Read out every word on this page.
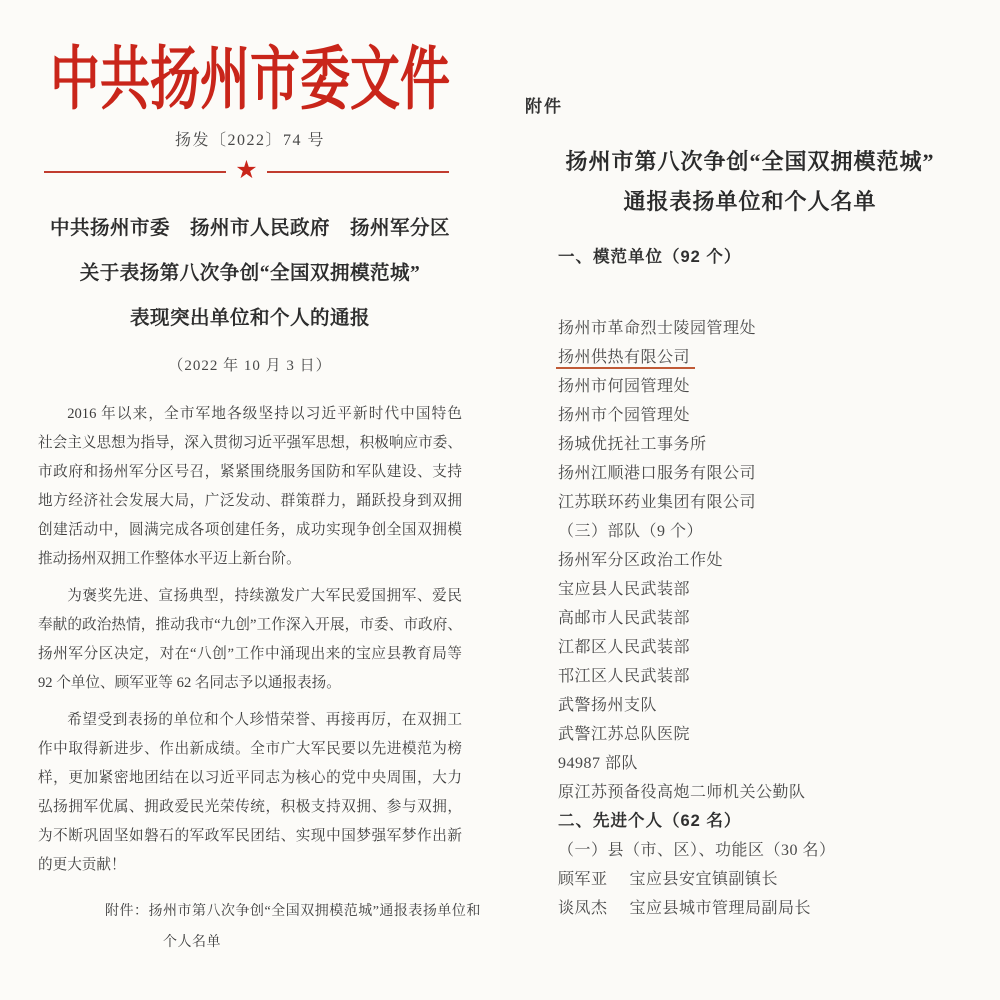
中共扬州市委文件
扬发〔2022〕74 号
★
中共扬州市委　扬州市人民政府　扬州军分区
关于表扬第八次争创“全国双拥模范城”
表现突出单位和个人的通报
（2022 年 10 月 3 日）
2016 年以来，全市军地各级坚持以习近平新时代中国特色
社会主义思想为指导，深入贯彻习近平强军思想，积极响应市委、
市政府和扬州军分区号召，紧紧围绕服务国防和军队建设、支持
地方经济社会发展大局，广泛发动、群策群力，踊跃投身到双拥
创建活动中，圆满完成各项创建任务，成功实现争创全国双拥模
推动扬州双拥工作整体水平迈上新台阶。
为褒奖先进、宣扬典型，持续激发广大军民爱国拥军、爱民
奉献的政治热情，推动我市“九创”工作深入开展，市委、市政府、
扬州军分区决定，对在“八创”工作中涌现出来的宝应县教育局等
92 个单位、顾军亚等 62 名同志予以通报表扬。
希望受到表扬的单位和个人珍惜荣誉、再接再厉，在双拥工
作中取得新进步、作出新成绩。全市广大军民要以先进模范为榜
样，更加紧密地团结在以习近平同志为核心的党中央周围，大力
弘扬拥军优属、拥政爱民光荣传统，积极支持双拥、参与双拥，
为不断巩固坚如磐石的军政军民团结、实现中国梦强军梦作出新
的更大贡献！
附件：扬州市第八次争创“全国双拥模范城”通报表扬单位和
个人名单
附件
扬州市第八次争创“全国双拥模范城”
通报表扬单位和个人名单
一、模范单位（92 个）
扬州市革命烈士陵园管理处
扬州供热有限公司
扬州市何园管理处
扬州市个园管理处
扬城优抚社工事务所
扬州江顺港口服务有限公司
江苏联环药业集团有限公司
（三）部队（9 个）
扬州军分区政治工作处
宝应县人民武装部
高邮市人民武装部
江都区人民武装部
邗江区人民武装部
武警扬州支队
武警江苏总队医院
94987 部队
原江苏预备役高炮二师机关公勤队
二、先进个人（62 名）
（一）县（市、区）、功能区（30 名）
顾军亚 宝应县安宜镇副镇长
谈凤杰 宝应县城市管理局副局长
